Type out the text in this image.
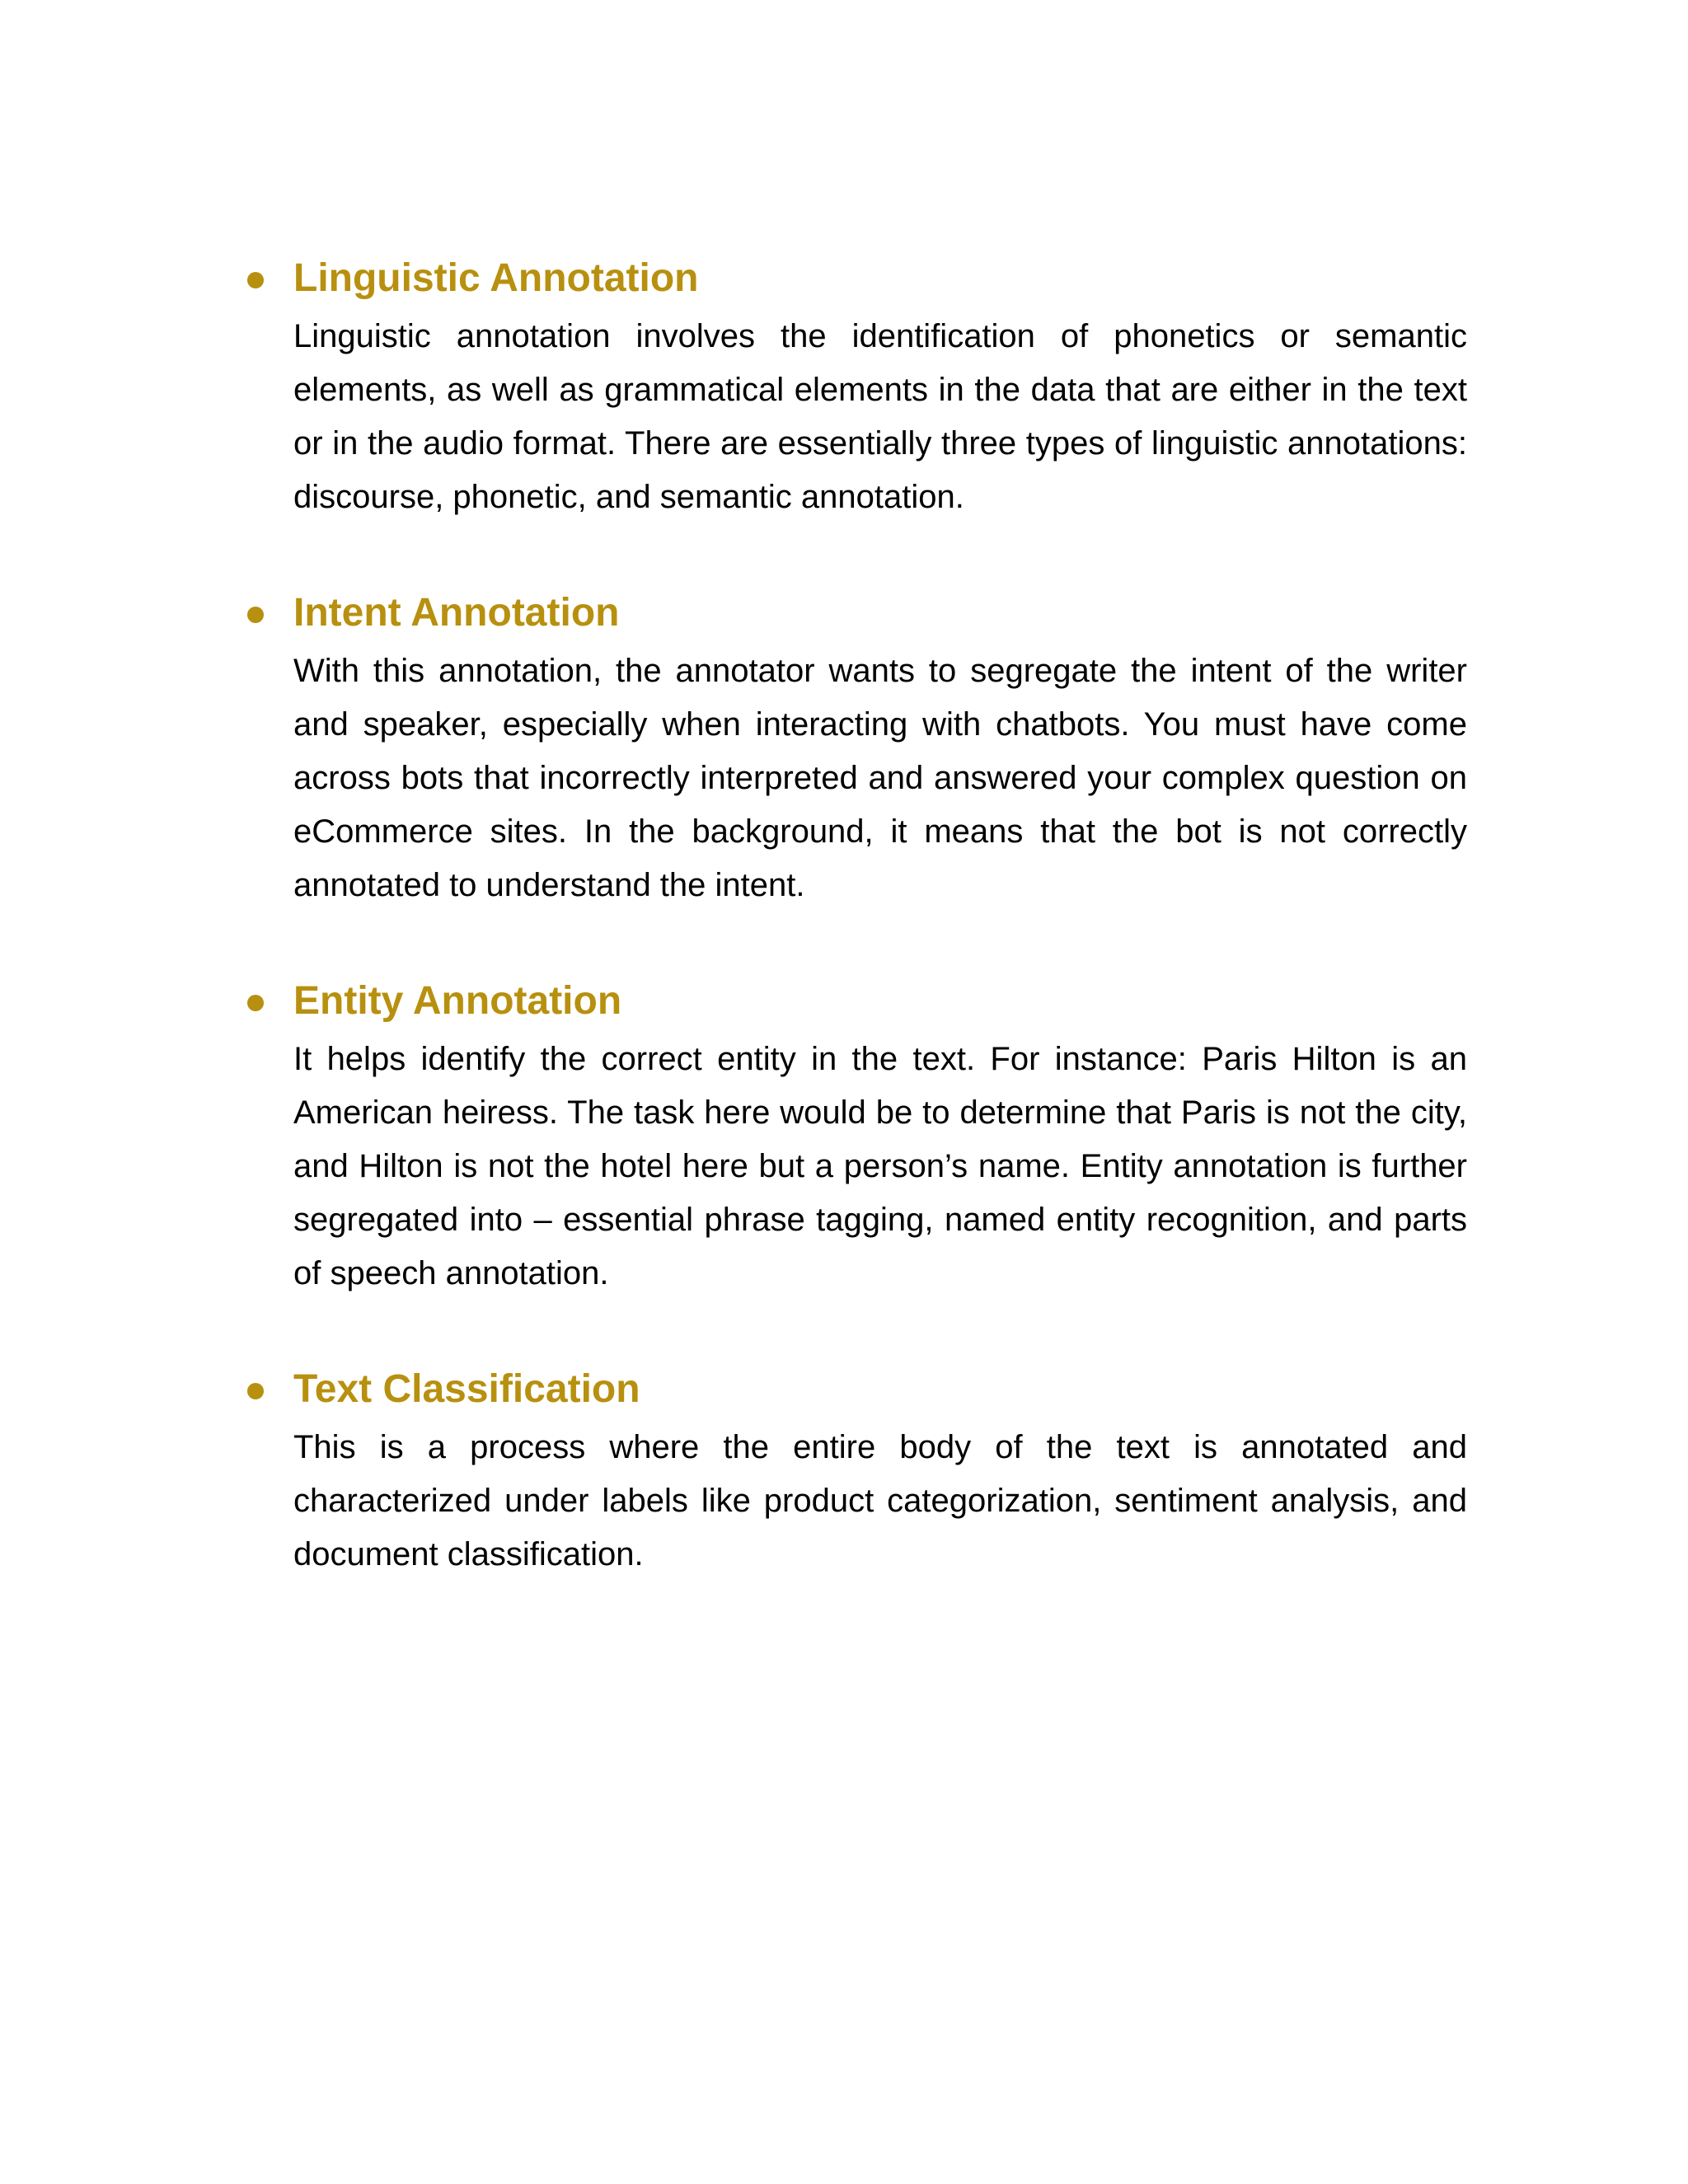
Linguistic Annotation

Linguistic annotation involves the identification of phonetics or semantic elements, as well as grammatical elements in the data that are either in the text or in the audio format. There are essentially three types of linguistic annotations: discourse, phonetic, and semantic annotation.

Intent Annotation

With this annotation, the annotator wants to segregate the intent of the writer and speaker, especially when interacting with chatbots. You must have come across bots that incorrectly interpreted and answered your complex question on eCommerce sites. In the background, it means that the bot is not correctly annotated to understand the intent.

Entity Annotation

It helps identify the correct entity in the text. For instance: Paris Hilton is an American heiress. The task here would be to determine that Paris is not the city, and Hilton is not the hotel here but a person’s name. Entity annotation is further segregated into – essential phrase tagging, named entity recognition, and parts of speech annotation.

Text Classification

This is a process where the entire body of the text is annotated and characterized under labels like product categorization, sentiment analysis, and document classification.
